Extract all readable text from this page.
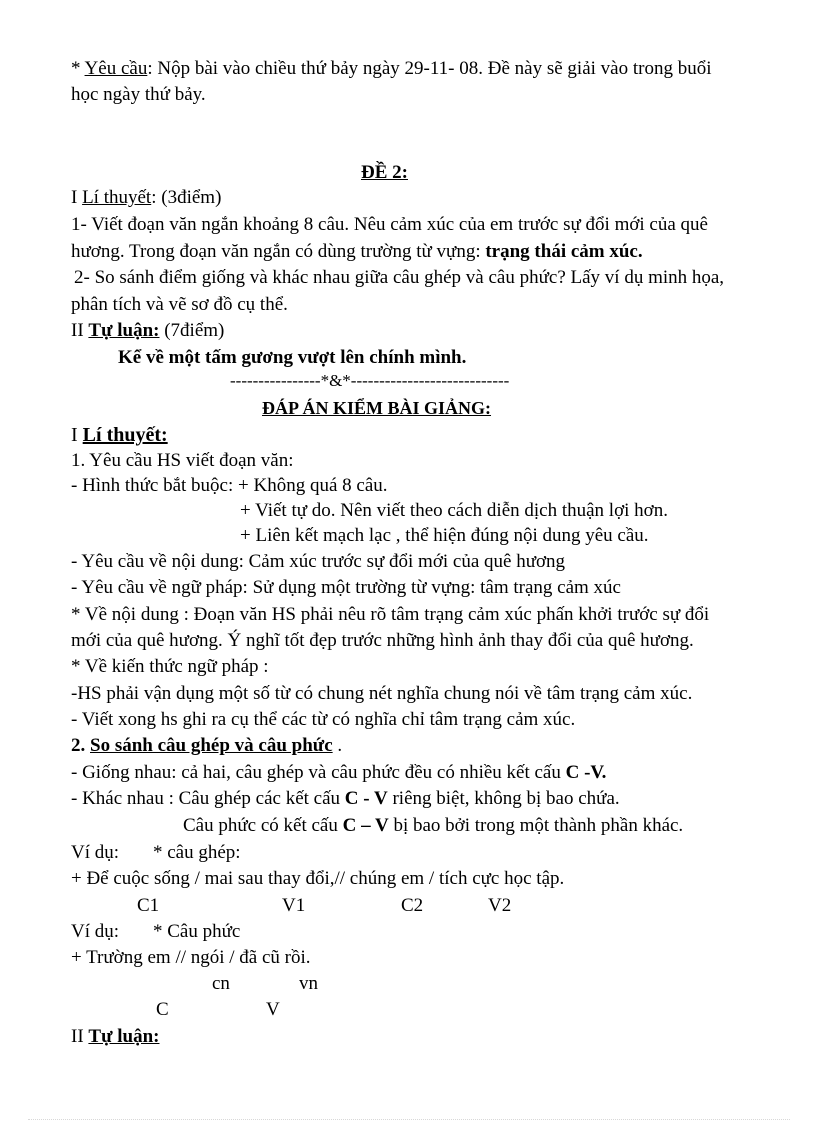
* Yêu cầu: Nộp bài vào chiều thứ bảy ngày 29-11- 08. Đề này sẽ giải vào trong buổi
học ngày thứ bảy.
ĐỀ 2:
I Lí thuyết: (3điểm)
1- Viết đoạn văn ngắn khoảng 8 câu. Nêu cảm xúc của em trước sự đổi mới của quê
hương. Trong đoạn văn ngắn có dùng trường từ vựng: trạng thái cảm xúc.
2- So sánh điểm giống và khác nhau giữa câu ghép và câu phức? Lấy ví dụ minh họa,
phân tích và vẽ sơ đồ cụ thể.
II Tự luận: (7điểm)
Kể về một tấm gương vượt lên chính mình.
----------------*&*----------------------------
ĐÁP ÁN KIỂM BÀI GIẢNG:
I Lí thuyết:
1. Yêu cầu HS viết đoạn văn:
- Hình thức bắt buộc: + Không quá 8 câu.
+ Viết tự do. Nên viết theo cách diễn dịch thuận lợi hơn.
+ Liên kết mạch lạc , thể hiện đúng nội dung yêu cầu.
- Yêu cầu về nội dung: Cảm xúc trước sự đổi mới của quê hương
- Yêu cầu về ngữ pháp: Sử dụng một trường từ vựng: tâm trạng cảm xúc
* Về nội dung : Đoạn văn HS phải nêu rõ tâm trạng cảm xúc phấn khởi trước sự đổi
mới của quê hương. Ý nghĩ tốt đẹp trước những hình ảnh thay đổi của quê hương.
* Về kiến thức ngữ pháp :
-HS phải vận dụng một số từ có chung nét nghĩa chung nói về tâm trạng cảm xúc.
- Viết xong hs ghi ra cụ thể các từ có nghĩa chỉ tâm trạng cảm xúc.
2. So sánh câu ghép và câu phức .
- Giống nhau: cả hai, câu ghép và câu phức đều có nhiều kết cấu C -V.
- Khác nhau : Câu ghép các kết cấu C - V riêng biệt, không bị bao chứa.
Câu phức có kết cấu C – V bị bao bởi trong một thành phần khác.
Ví dụ: * câu ghép:
+ Để cuộc sống / mai sau thay đổi,// chúng em / tích cực học tập.
C1	V1	C2	V2
Ví dụ: * Câu phức
+ Trường em // ngói / đã cũ rồi.
cn	vn
C	V
II Tự luận:
